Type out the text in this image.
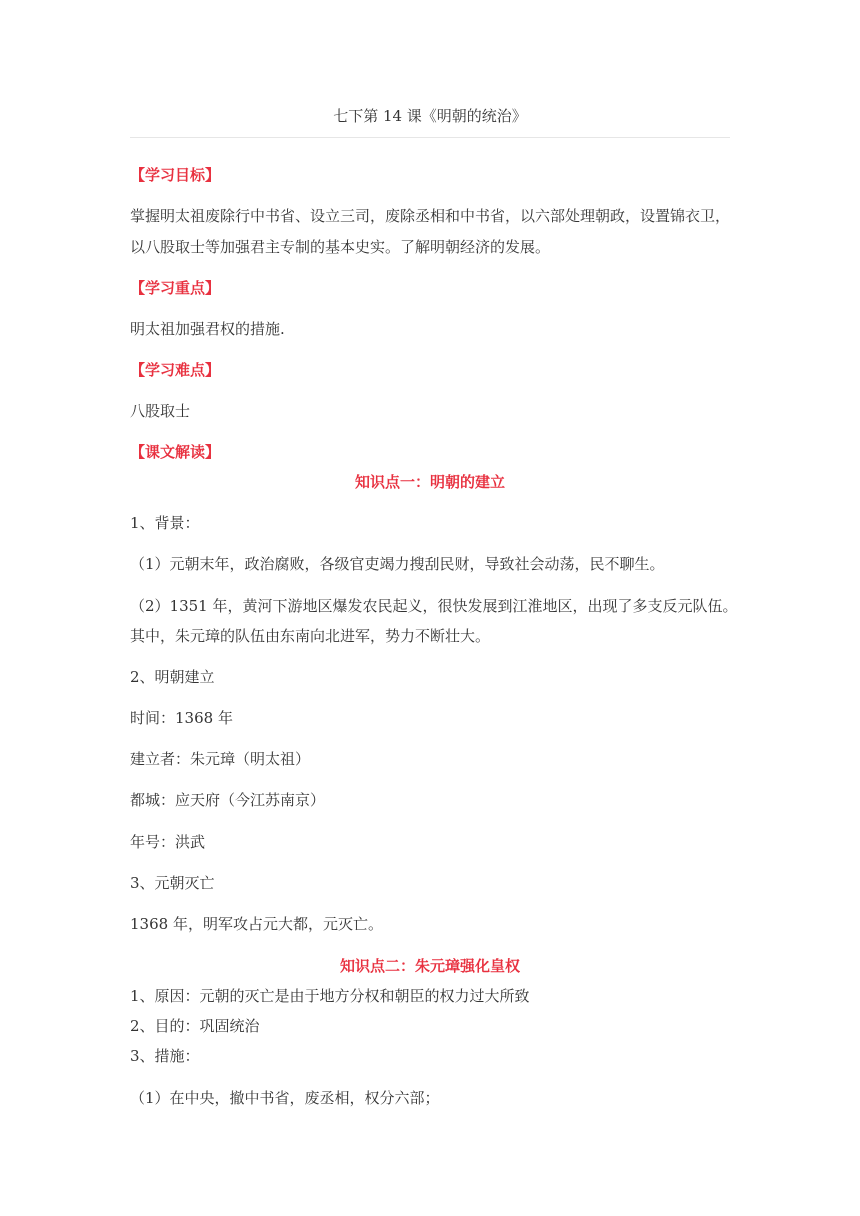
七下第 14 课《明朝的统治》
【学习目标】
掌握明太祖废除行中书省、设立三司，废除丞相和中书省，以六部处理朝政，设置锦衣卫，
以八股取士等加强君主专制的基本史实。了解明朝经济的发展。
【学习重点】
明太祖加强君权的措施.
【学习难点】
八股取士
【课文解读】
知识点一：明朝的建立
1、背景：
（1）元朝末年，政治腐败，各级官吏竭力搜刮民财，导致社会动荡，民不聊生。
（2）1351 年，黄河下游地区爆发农民起义，很快发展到江淮地区，出现了多支反元队伍。
其中，朱元璋的队伍由东南向北进军，势力不断壮大。
2、明朝建立
时间：1368 年
建立者：朱元璋（明太祖）
都城：应天府（今江苏南京）
年号：洪武
3、元朝灭亡
1368 年，明军攻占元大都，元灭亡。
知识点二：朱元璋强化皇权
1、原因：元朝的灭亡是由于地方分权和朝臣的权力过大所致
2、目的：巩固统治
3、措施：
（1）在中央，撤中书省，废丞相，权分六部；
